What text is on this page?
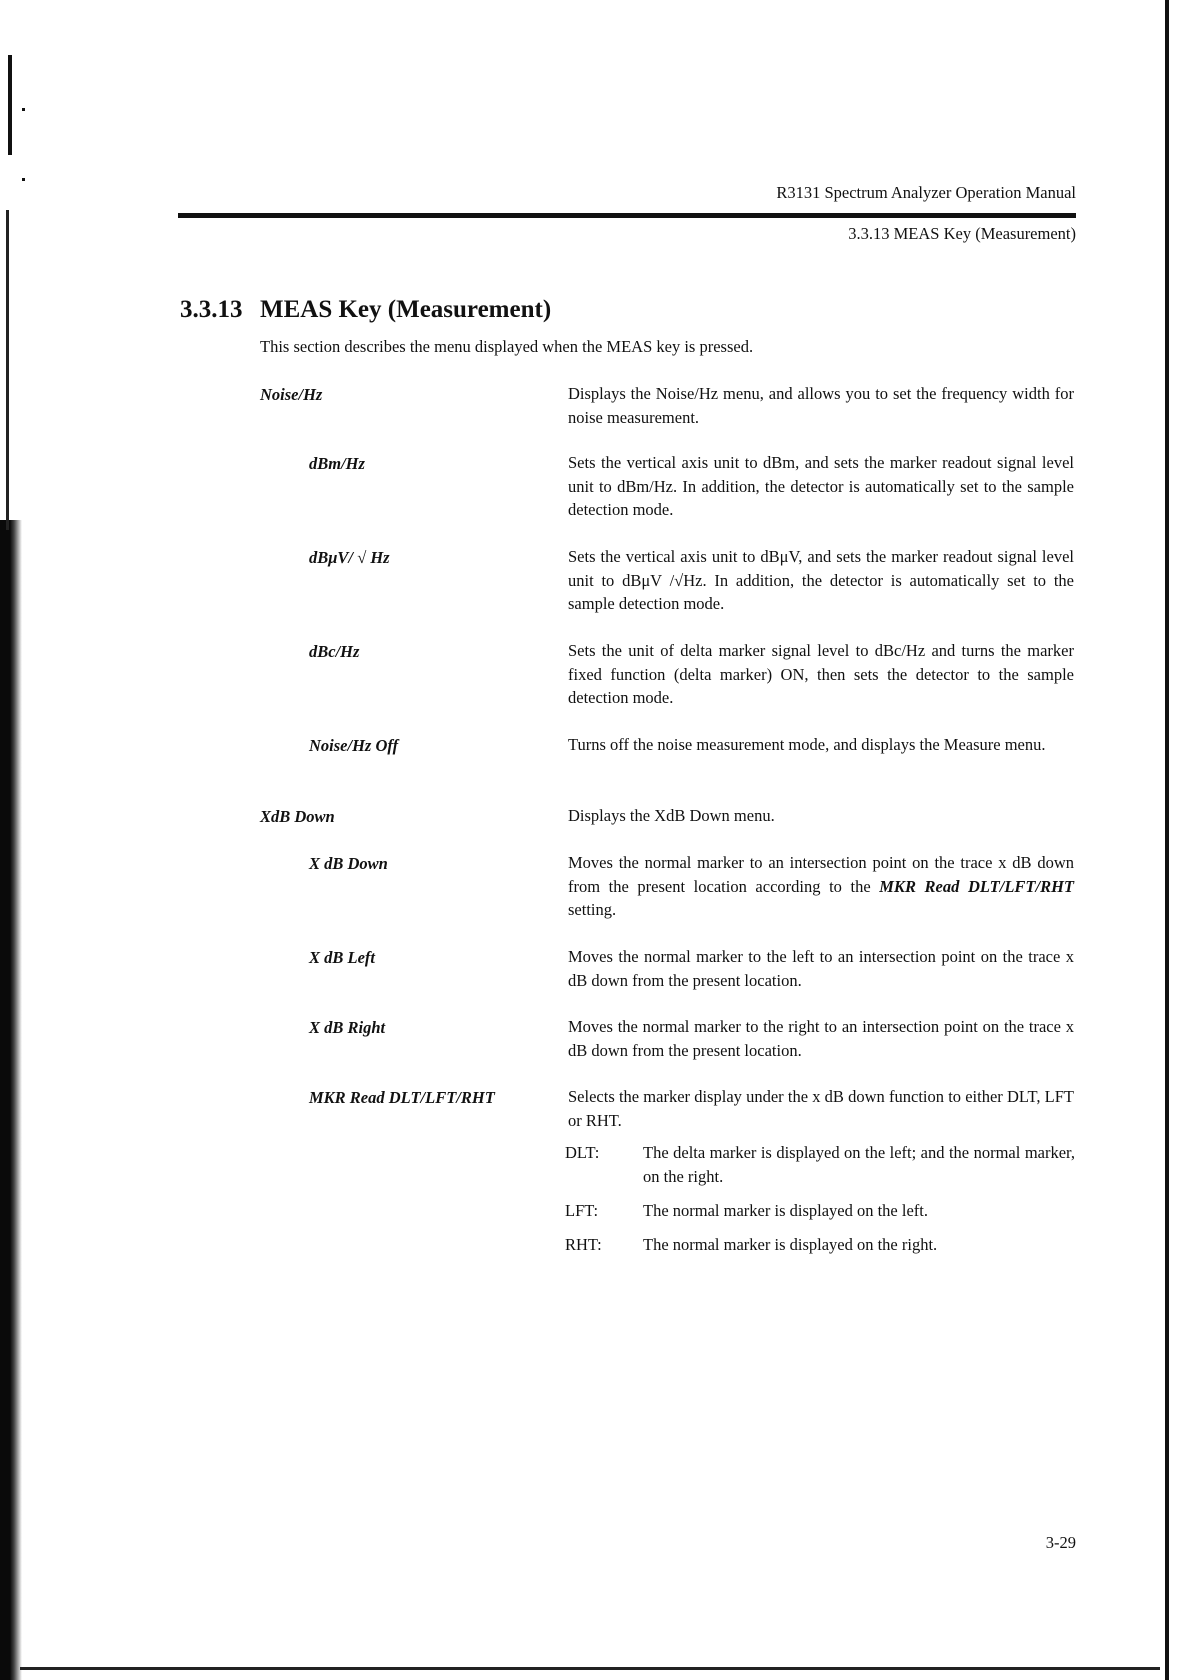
R3131 Spectrum Analyzer Operation Manual
3.3.13 MEAS Key (Measurement)
3.3.13 MEAS Key (Measurement)
This section describes the menu displayed when the MEAS key is pressed.
Noise/Hz	Displays the Noise/Hz menu, and allows you to set the frequency width for noise measurement.
dBm/Hz	Sets the vertical axis unit to dBm, and sets the marker readout signal level unit to dBm/Hz. In addition, the detector is automatically set to the sample detection mode.
dBμV/ √ Hz	Sets the vertical axis unit to dBμV, and sets the marker readout signal level unit to dBμV /√Hz. In addition, the detector is automatically set to the sample detection mode.
dBc/Hz	Sets the unit of delta marker signal level to dBc/Hz and turns the marker fixed function (delta marker) ON, then sets the detector to the sample detection mode.
Noise/Hz Off	Turns off the noise measurement mode, and displays the Measure menu.
XdB Down	Displays the XdB Down menu.
X dB Down	Moves the normal marker to an intersection point on the trace x dB down from the present location according to the MKR Read DLT/LFT/RHT setting.
X dB Left	Moves the normal marker to the left to an intersection point on the trace x dB down from the present location.
X dB Right	Moves the normal marker to the right to an intersection point on the trace x dB down from the present location.
MKR Read DLT/LFT/RHT	Selects the marker display under the x dB down function to either DLT, LFT or RHT.
DLT:	The delta marker is displayed on the left; and the normal marker, on the right.
LFT:	The normal marker is displayed on the left.
RHT: The normal marker is displayed on the right.
3-29
